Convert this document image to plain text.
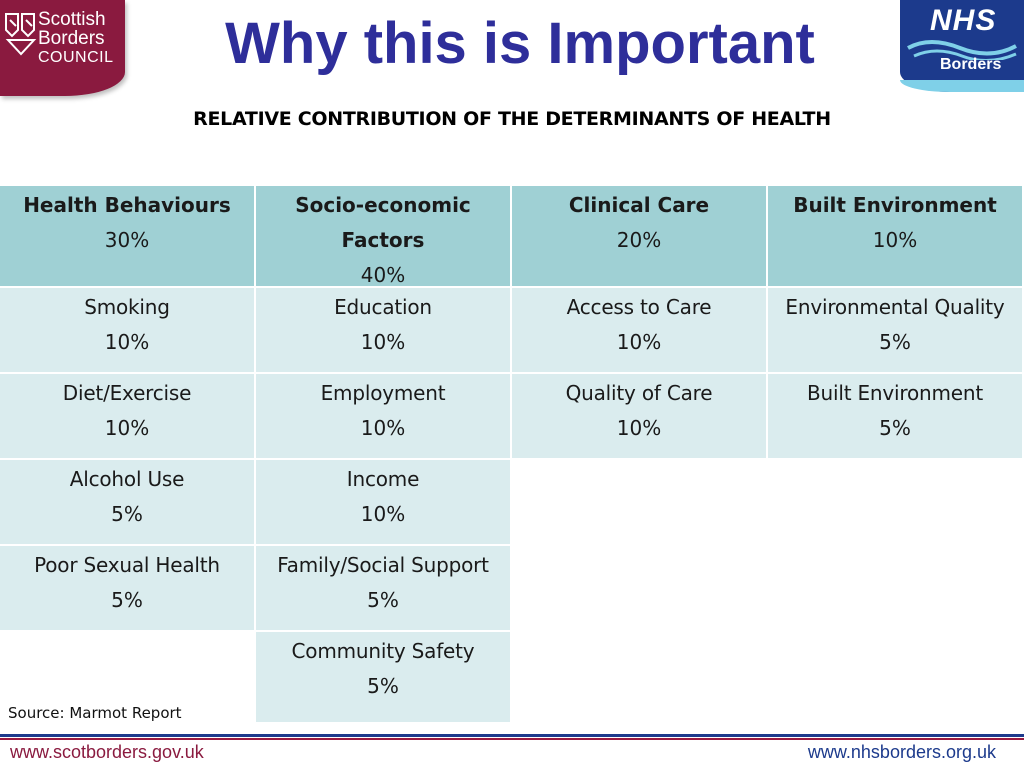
Scottish
Borders
COUNCIL
NHS
Borders
Why this is Important
RELATIVE CONTRIBUTION OF THE DETERMINANTS OF HEALTH
Health Behaviours
30%
Smoking
10%
Diet/Exercise
10%
Alcohol Use
5%
Poor Sexual Health
5%
Socio-economic
Factors
40%
Education
10%
Employment
10%
Income
10%
Family/Social Support
5%
Community Safety
5%
Clinical Care
20%
Access to Care
10%
Quality of Care
10%
Built Environment
10%
Environmental Quality
5%
Built Environment
5%
Source: Marmot Report
www.scotborders.gov.uk	www.nhsborders.org.uk
